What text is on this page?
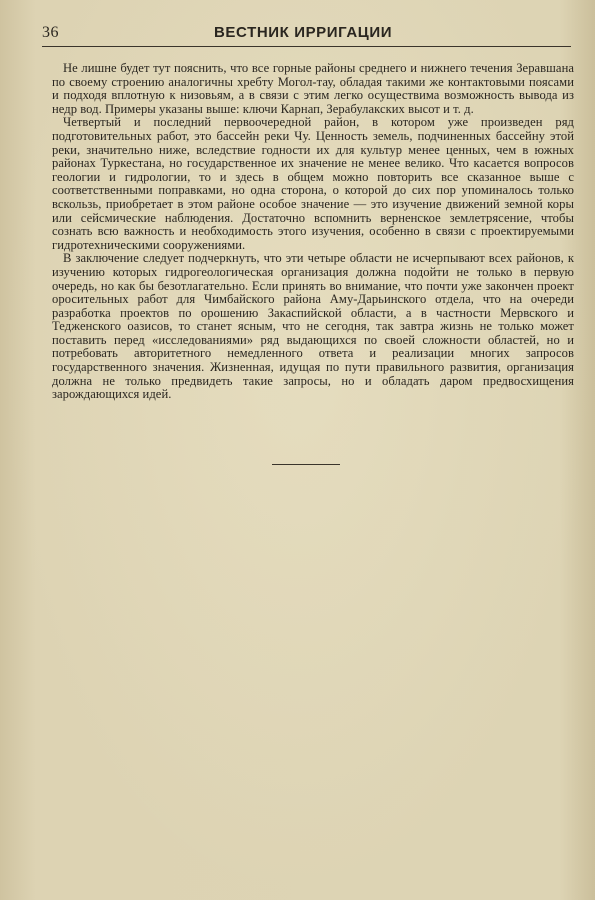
36	ВЕСТНИК ИРРИГАЦИИ

Не лишне будет тут пояснить, что все горные районы среднего и нижнего течения Зеравшана по своему строению аналогичны хребту Могол-тау, обладая такими же контактовыми поясами и подходя вплотную к низовьям, а в связи с этим легко осуществима возможность вывода из недр вод. Примеры указаны выше: ключи Карнап, Зерабулакских высот и т. д.

Четвертый и последний первоочередной район, в котором уже произведен ряд подготовительных работ, это бассейн реки Чу. Ценность земель, подчиненных бассейну этой реки, значительно ниже, вследствие годности их для культур менее ценных, чем в южных районах Туркестана, но государственное их значение не менее велико. Что касается вопросов геологии и гидрологии, то и здесь в общем можно повторить все сказанное выше с соответственными поправками, но одна сторона, о которой до сих пор упоминалось только вскользь, приобретает в этом районе особое значение — это изучение движений земной коры или сейсмические наблюдения. Достаточно вспомнить верненское землетрясение, чтобы сознать всю важность и необходимость этого изучения, особенно в связи с проектируемыми гидротехническими сооружениями.

В заключение следует подчеркнуть, что эти четыре области не исчерпывают всех районов, к изучению которых гидрогеологическая организация должна подойти не только в первую очередь, но как бы безотлагательно. Если принять во внимание, что почти уже закончен проект оросительных работ для Чимбайского района Аму-Дарьинского отдела, что на очереди разработка проектов по орошению Закаспийской области, а в частности Мервского и Теджeнского оазисов, то станет ясным, что не сегодня, так завтра жизнь не только может поставить перед «исследованиями» ряд выдающихся по своей сложности областей, но и потребовать авторитетного немедленного ответа и реализации многих запросов государственного значения. Жизненная, идущая по пути правильного развития, организация должна не только предвидеть такие запросы, но и обладать даром предвосхищения зарождающихся идей.
